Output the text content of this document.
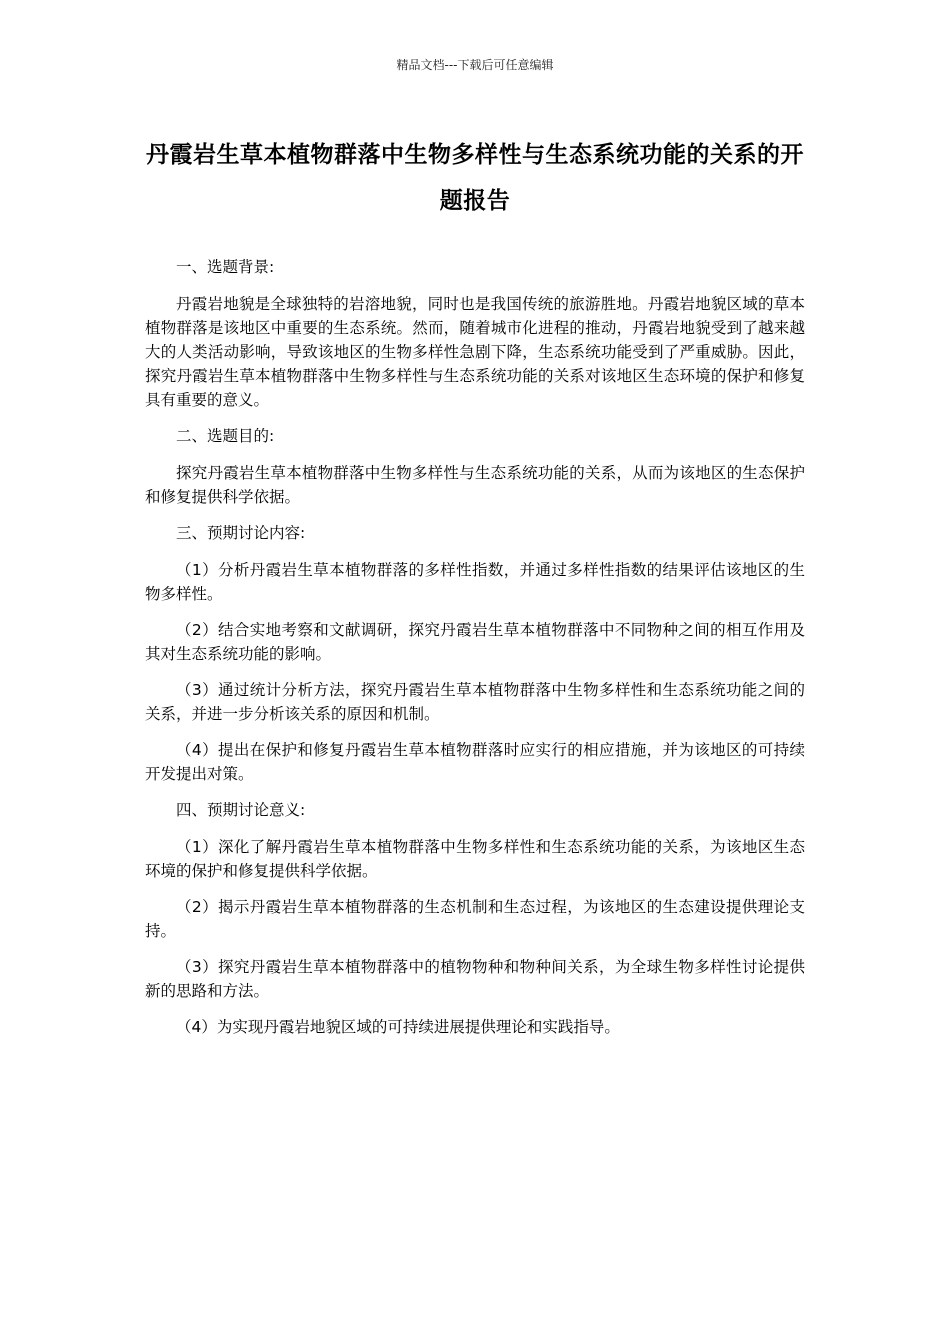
精品文档---下载后可任意编辑
丹霞岩生草本植物群落中生物多样性与生态系统功能的关系的开题报告

一、选题背景:

丹霞岩地貌是全球独特的岩溶地貌，同时也是我国传统的旅游胜地。丹霞岩地貌区域的草本植物群落是该地区中重要的生态系统。然而，随着城市化进程的推动，丹霞岩地貌受到了越来越大的人类活动影响，导致该地区的生物多样性急剧下降，生态系统功能受到了严重威胁。因此，探究丹霞岩生草本植物群落中生物多样性与生态系统功能的关系对该地区生态环境的保护和修复具有重要的意义。

二、选题目的:

探究丹霞岩生草本植物群落中生物多样性与生态系统功能的关系，从而为该地区的生态保护和修复提供科学依据。

三、预期讨论内容:

（1）分析丹霞岩生草本植物群落的多样性指数，并通过多样性指数的结果评估该地区的生物多样性。

（2）结合实地考察和文献调研，探究丹霞岩生草本植物群落中不同物种之间的相互作用及其对生态系统功能的影响。

（3）通过统计分析方法，探究丹霞岩生草本植物群落中生物多样性和生态系统功能之间的关系，并进一步分析该关系的原因和机制。

（4）提出在保护和修复丹霞岩生草本植物群落时应实行的相应措施，并为该地区的可持续开发提出对策。

四、预期讨论意义:

（1）深化了解丹霞岩生草本植物群落中生物多样性和生态系统功能的关系，为该地区生态环境的保护和修复提供科学依据。

（2）揭示丹霞岩生草本植物群落的生态机制和生态过程，为该地区的生态建设提供理论支持。

（3）探究丹霞岩生草本植物群落中的植物物种和物种间关系，为全球生物多样性讨论提供新的思路和方法。

（4）为实现丹霞岩地貌区域的可持续进展提供理论和实践指导。
